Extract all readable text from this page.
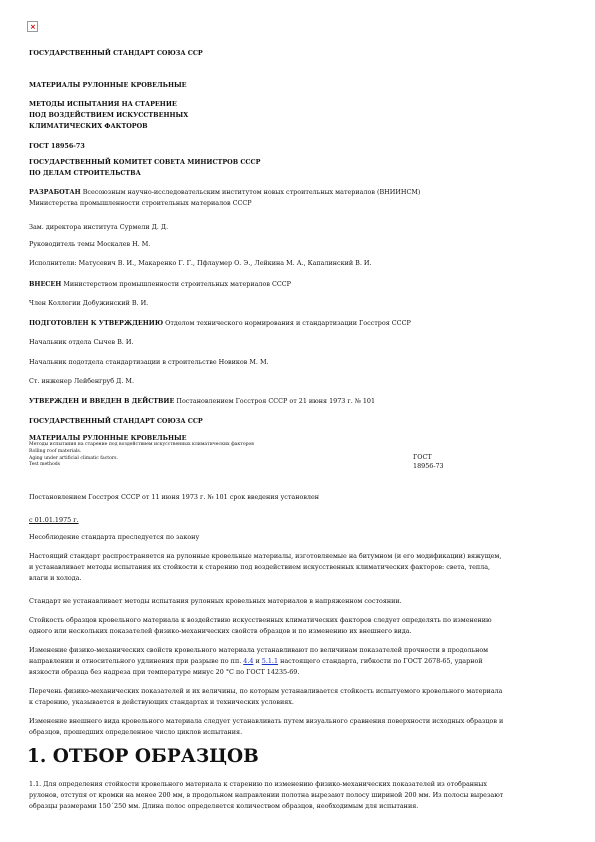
×

ГОСУДАРСТВЕННЫЙ СТАНДАРТ СОЮЗА ССР

МАТЕРИАЛЫ РУЛОННЫЕ КРОВЕЛЬНЫЕ

МЕТОДЫ ИСПЫТАНИЯ НА СТАРЕНИЕ

ПОД ВОЗДЕЙСТВИЕМ ИСКУССТВЕННЫХ

КЛИМАТИЧЕСКИХ ФАКТОРОВ

ГОСТ 18956-73

ГОСУДАРСТВЕННЫЙ КОМИТЕТ СОВЕТА МИНИСТРОВ СССР

ПО ДЕЛАМ СТРОИТЕЛЬСТВА

РАЗРАБОТАН Всесоюзным научно-исследовательским институтом новых строительных материалов (ВНИИНСМ)

Министерства промышленности строительных материалов СССР

Зам. директора института Сурмели Д. Д.

Руководитель темы Москалев Н. М.

Исполнители: Матусевич В. И., Макаренко Г. Г., Пфлаумер О. Э., Лейкина М. А., Капалинский В. И.

ВНЕСЕН Министерством промышленности строительных материалов СССР

Член Коллегии Добужинский В. И.

ПОДГОТОВЛЕН К УТВЕРЖДЕНИЮ Отделом технического нормирования и стандартизации Госстроя СССР

Начальник отдела Сычев В. И.

Начальник подотдела стандартизации в строительстве Новиков М. М.

Ст. инженер Лейбенгруб Д. М.

УТВЕРЖДЕН И ВВЕДЕН В ДЕЙСТВИЕ Постановлением Госстроя СССР от 21 июня 1973 г. № 101

ГОСУДАРСТВЕННЫЙ СТАНДАРТ СОЮЗА ССР

МАТЕРИАЛЫ РУЛОННЫЕ КРОВЕЛЬНЫЕ
Методы испытания на старение под воздействием искусственных климатических факторов
Rolling roof materials.
Aging under artificial climatic factors.
Test methods
ГОСТ
18956-73

Постановлением Госстроя СССР от 11 июня 1973 г. № 101 срок введения установлен

с 01.01.1975 г.

Несоблюдение стандарта преследуется по закону

Настоящий стандарт распространяется на рулонные кровельные материалы, изготовляемые на битумном (и его модификации) вяжущем,

и устанавливает методы испытания их стойкости к старению под воздействием искусственных климатических факторов: света, тепла,

влаги и холода.

Стандарт не устанавливает методы испытания рулонных кровельных материалов в напряженном состоянии.

Стойкость образцов кровельного материала к воздействию искусственных климатических факторов следует определять по изменению

одного или нескольких показателей физико-механических свойств образцов и по изменению их внешнего вида.

Изменение физико-механических свойств кровельного материала устанавливают по величинам показателей прочности в продольном

направлении и относительного удлинения при разрыве по пп. 4.4 и 5.1.1 настоящего стандарта, гибкости по ГОСТ 2678-65, ударной

вязкости образца без надреза при температуре минус 20 °С по ГОСТ 14235-69.

Перечень физико-механических показателей и их величины, по которым устанавливается стойкость испытуемого кровельного материала

к старению, указывается в действующих стандартах и технических условиях.

Изменение внешнего вида кровельного материала следует устанавливать путем визуального сравнения поверхности исходных образцов и

образцов, прошедших определенное число циклов испытания.

1. ОТБОР ОБРАЗЦОВ

1.1. Для определения стойкости кровельного материала к старению по изменению физико-механических показателей из отобранных

рулонов, отступя от кромки на менее 200 мм, в продольном направлении полотна вырезают полосу шириной 200 мм. Из полосы вырезают

образцы размерами 150´250 мм. Длина полос определяется количеством образцов, необходимым для испытания.
